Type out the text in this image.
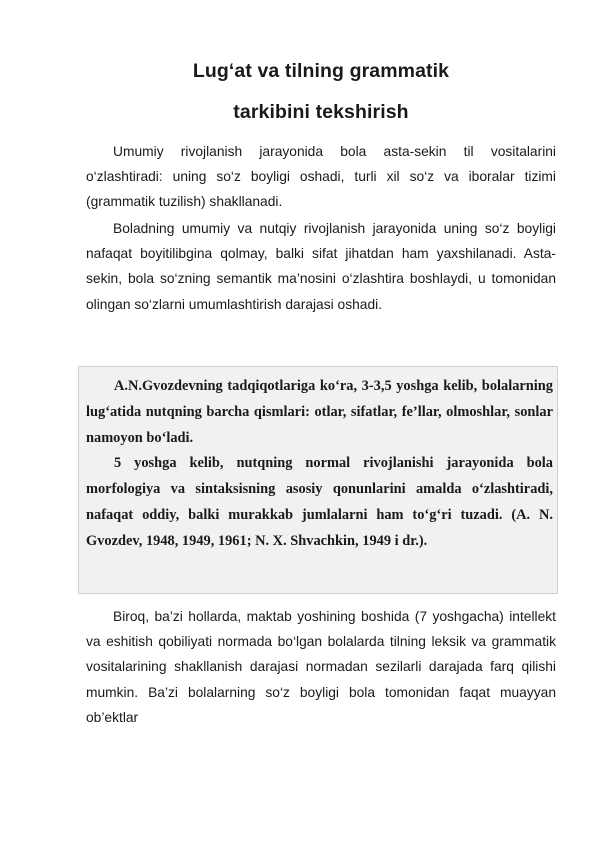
Lug‘at va tilning grammatik
tarkibini tekshirish

Umumiy rivojlanish jarayonida bola asta-sekin til vositalarini o‘zlashtiradi: uning so‘z boyligi oshadi, turli xil so‘z va iboralar tizimi (grammatik tuzilish) shakllanadi.

Boladning umumiy va nutqiy rivojlanish jarayonida uning so‘z boyligi nafaqat boyitilibgina qolmay, balki sifat jihatdan ham yaxshilanadi. Asta-sekin, bola so‘zning semantik ma’nosini o‘zlashtira boshlaydi, u tomonidan olingan so‘zlarni umumlashtirish darajasi oshadi.

A.N.Gvozdevning tadqiqotlariga ko‘ra, 3-3,5 yoshga kelib, bolalarning lug‘atida nutqning barcha qismlari: otlar, sifatlar, fe’llar, olmoshlar, sonlar namoyon bo‘ladi.

5 yoshga kelib, nutqning normal rivojlanishi jarayonida bola morfologiya va sintaksisning asosiy qonunlarini amalda o‘zlashtiradi, nafaqat oddiy, balki murakkab jumlalarni ham to‘g‘ri tuzadi. (A. N. Gvozdev, 1948, 1949, 1961; N. X. Shvachkin, 1949 i dr.).

Biroq, ba’zi hollarda, maktab yoshining boshida (7 yoshgacha) intellekt va eshitish qobiliyati normada bo‘lgan bolalarda tilning leksik va grammatik vositalarining shakllanish darajasi normadan sezilarli darajada farq qilishi mumkin. Ba’zi bolalarning so‘z boyligi bola tomonidan faqat muayyan ob’ektlar
